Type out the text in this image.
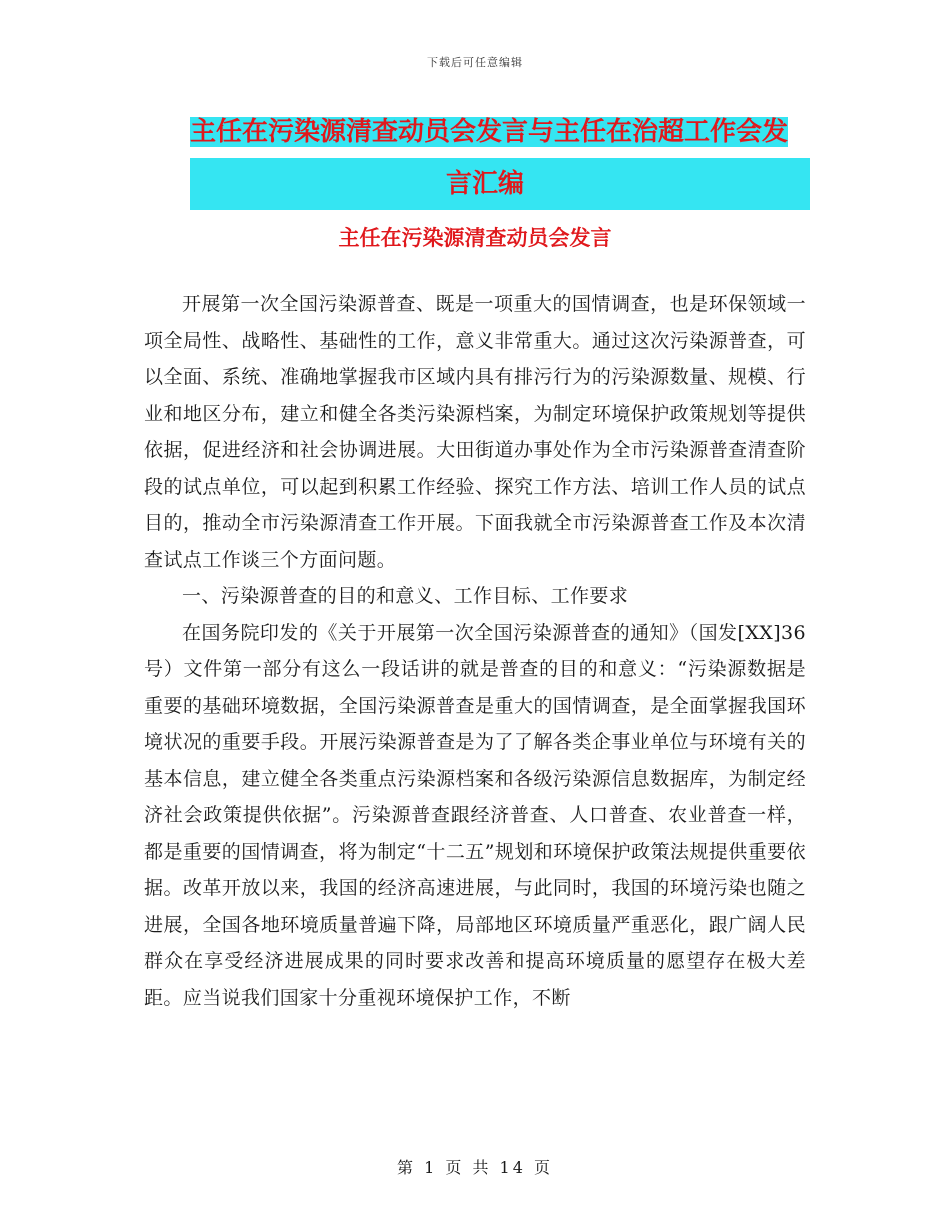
下载后可任意编辑
主任在污染源清查动员会发言与主任在治超工作会发
言汇编
主任在污染源清查动员会发言

开展第一次全国污染源普查、既是一项重大的国情调查，也是环保领域一项全局性、战略性、基础性的工作，意义非常重大。通过这次污染源普查，可以全面、系统、准确地掌握我市区域内具有排污行为的污染源数量、规模、行业和地区分布，建立和健全各类污染源档案，为制定环境保护政策规划等提供依据，促进经济和社会协调进展。大田街道办事处作为全市污染源普查清查阶段的试点单位，可以起到积累工作经验、探究工作方法、培训工作人员的试点目的，推动全市污染源清查工作开展。下面我就全市污染源普查工作及本次清查试点工作谈三个方面问题。

一、污染源普查的目的和意义、工作目标、工作要求

在国务院印发的《关于开展第一次全国污染源普查的通知》（国发[XX]36号）文件第一部分有这么一段话讲的就是普查的目的和意义：“污染源数据是重要的基础环境数据，全国污染源普查是重大的国情调查，是全面掌握我国环境状况的重要手段。开展污染源普查是为了了解各类企事业单位与环境有关的基本信息，建立健全各类重点污染源档案和各级污染源信息数据库，为制定经济社会政策提供依据”。污染源普查跟经济普查、人口普查、农业普查一样，都是重要的国情调查，将为制定“十二五”规划和环境保护政策法规提供重要依据。改革开放以来，我国的经济高速进展，与此同时，我国的环境污染也随之进展，全国各地环境质量普遍下降，局部地区环境质量严重恶化，跟广阔人民群众在享受经济进展成果的同时要求改善和提高环境质量的愿望存在极大差距。应当说我们国家十分重视环境保护工作，不断

第 1 页 共 14 页
